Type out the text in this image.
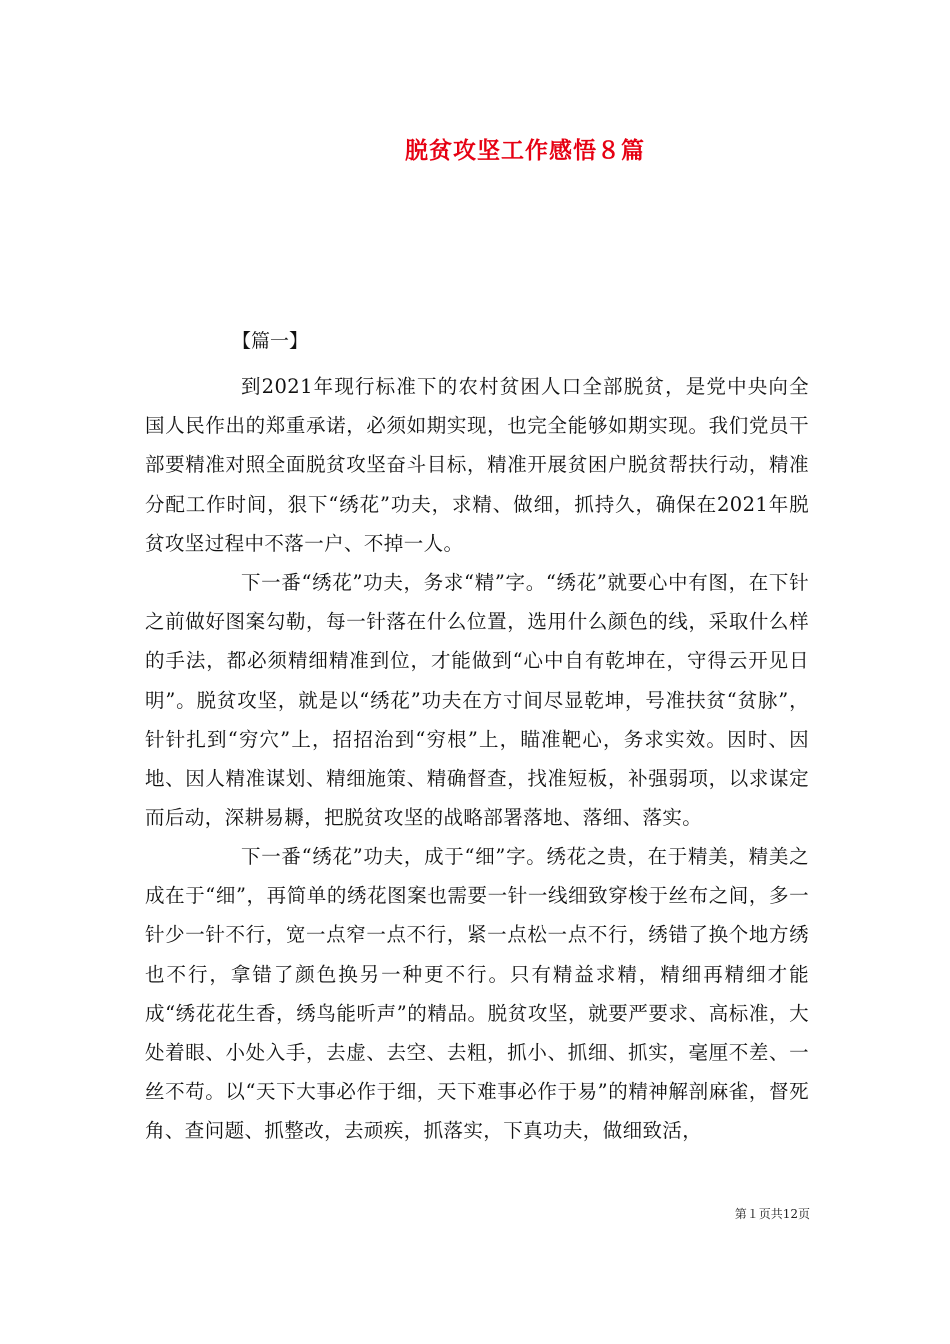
脱贫攻坚工作感悟８篇
【篇一】

到2021年现行标准下的农村贫困人口全部脱贫，是党中央向全国人民作出的郑重承诺，必须如期实现，也完全能够如期实现。我们党员干部要精准对照全面脱贫攻坚奋斗目标，精准开展贫困户脱贫帮扶行动，精准分配工作时间，狠下“绣花”功夫，求精、做细，抓持久，确保在2021年脱贫攻坚过程中不落一户、不掉一人。

下一番“绣花”功夫，务求“精”字。“绣花”就要心中有图，在下针之前做好图案勾勒，每一针落在什么位置，选用什么颜色的线，采取什么样的手法，都必须精细精准到位，才能做到“心中自有乾坤在，守得云开见日明”。脱贫攻坚，就是以“绣花”功夫在方寸间尽显乾坤，号准扶贫“贫脉”，针针扎到“穷穴”上，招招治到“穷根”上，瞄准靶心，务求实效。因时、因地、因人精准谋划、精细施策、精确督查，找准短板，补强弱项，以求谋定而后动，深耕易耨，把脱贫攻坚的战略部署落地、落细、落实。

下一番“绣花”功夫，成于“细”字。绣花之贵，在于精美，精美之成在于“细”，再简单的绣花图案也需要一针一线细致穿梭于丝布之间，多一针少一针不行，宽一点窄一点不行，紧一点松一点不行，绣错了换个地方绣也不行，拿错了颜色换另一种更不行。只有精益求精，精细再精细才能成“绣花花生香，绣鸟能听声”的精品。脱贫攻坚，就要严要求、高标准，大处着眼、小处入手，去虚、去空、去粗，抓小、抓细、抓实，毫厘不差、一丝不苟。以“天下大事必作于细，天下难事必作于易”的精神解剖麻雀，督死角、查问题、抓整改，去顽疾，抓落实，下真功夫，做细致活，

第１页共12页
